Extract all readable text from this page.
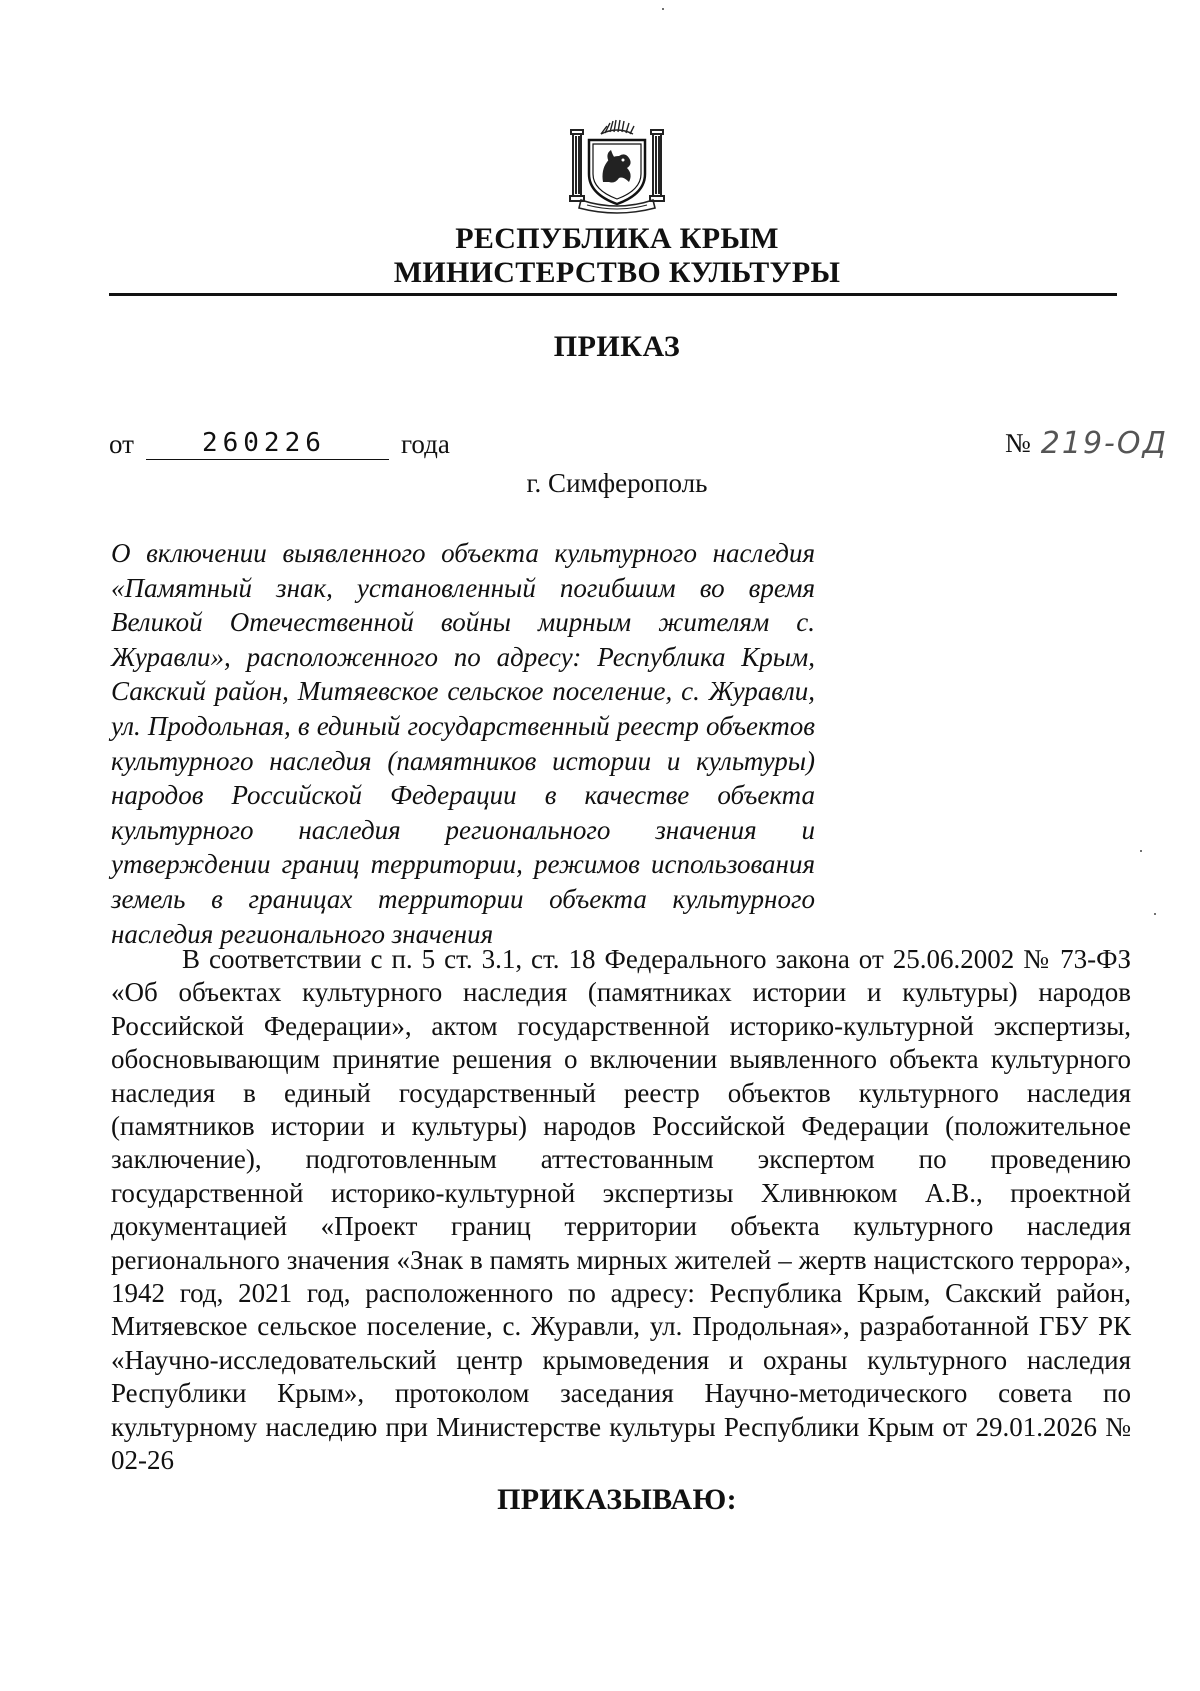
РЕСПУБЛИКА КРЫМ
МИНИСТЕРСТВО КУЛЬТУРЫ
ПРИКАЗ
от	260226	года	№ 219-ОД
г. Симферополь
О включении выявленного объекта культурного наследия «Памятный знак, установленный погибшим во время Великой Отечественной войны мирным жителям с. Журавли», расположенного по адресу: Республика Крым, Сакский район, Митяевское сельское поселение, с. Журавли, ул. Продольная, в единый государственный реестр объектов культурного наследия (памятников истории и культуры) народов Российской Федерации в качестве объекта культурного наследия регионального значения и утверждении границ территории, режимов использования земель в границах территории объекта культурного наследия регионального значения
В соответствии с п. 5 ст. 3.1, ст. 18 Федерального закона от 25.06.2002 № 73-ФЗ «Об объектах культурного наследия (памятниках истории и культуры) народов Российской Федерации», актом государственной историко-культурной экспертизы, обосновывающим принятие решения о включении выявленного объекта культурного наследия в единый государственный реестр объектов культурного наследия (памятников истории и культуры) народов Российской Федерации (положительное заключение), подготовленным аттестованным экспертом по проведению государственной историко-культурной экспертизы Хливнюком А.В., проектной документацией «Проект границ территории объекта культурного наследия регионального значения «Знак в память мирных жителей – жертв нацистского террора», 1942 год, 2021 год, расположенного по адресу: Республика Крым, Сакский район, Митяевское сельское поселение, с. Журавли, ул. Продольная», разработанной ГБУ РК «Научно-исследовательский центр крымоведения и охраны культурного наследия Республики Крым», протоколом заседания Научно-методического совета по культурному наследию при Министерстве культуры Республики Крым от 29.01.2026 № 02-26
ПРИКАЗЫВАЮ:
